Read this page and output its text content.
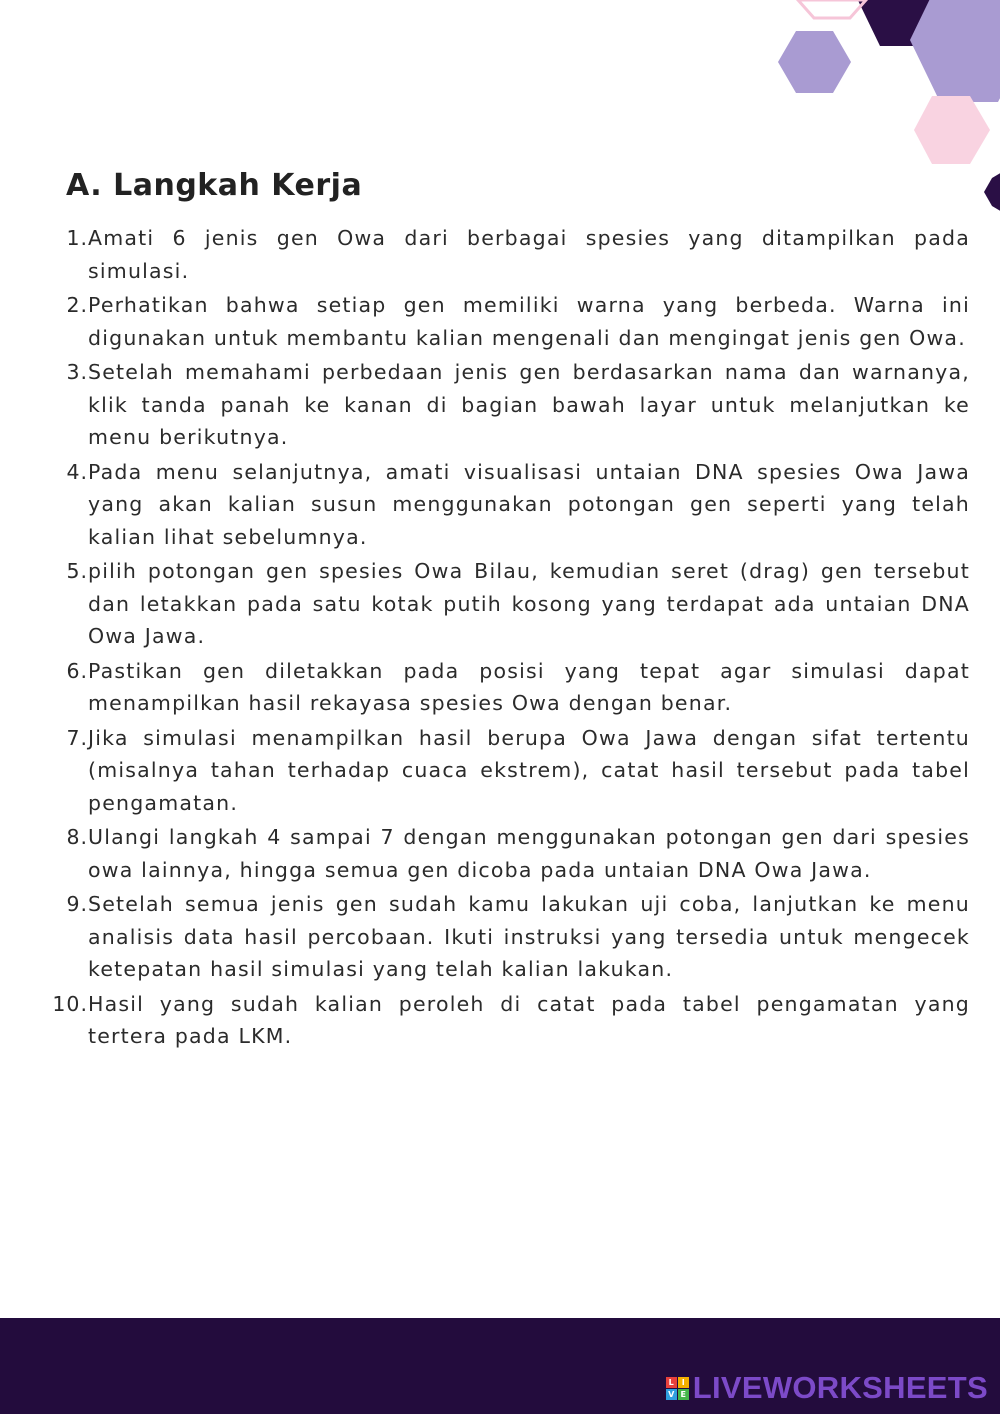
A. Langkah Kerja
1. Amati 6 jenis gen Owa dari berbagai spesies yang ditampilkan pada simulasi.
2. Perhatikan bahwa setiap gen memiliki warna yang berbeda. Warna ini digunakan untuk membantu kalian mengenali dan mengingat jenis gen Owa.
3. Setelah memahami perbedaan jenis gen berdasarkan nama dan warnanya, klik tanda panah ke kanan di bagian bawah layar untuk melanjutkan ke menu berikutnya.
4. Pada menu selanjutnya, amati visualisasi untaian DNA spesies Owa Jawa yang akan kalian susun menggunakan potongan gen seperti yang telah kalian lihat sebelumnya.
5. pilih potongan gen spesies Owa Bilau, kemudian seret (drag) gen tersebut dan letakkan pada satu kotak putih kosong yang terdapat ada untaian DNA Owa Jawa.
6. Pastikan gen diletakkan pada posisi yang tepat agar simulasi dapat menampilkan hasil rekayasa spesies Owa dengan benar.
7. Jika simulasi menampilkan hasil berupa Owa Jawa dengan sifat tertentu (misalnya tahan terhadap cuaca ekstrem), catat hasil tersebut pada tabel pengamatan.
8. Ulangi langkah 4 sampai 7 dengan menggunakan potongan gen dari spesies owa lainnya, hingga semua gen dicoba pada untaian DNA Owa Jawa.
9. Setelah semua jenis gen sudah kamu lakukan uji coba, lanjutkan ke menu analisis data hasil percobaan. Ikuti instruksi yang tersedia untuk mengecek ketepatan hasil simulasi yang telah kalian lakukan.
10. Hasil yang sudah kalian peroleh di catat pada tabel pengamatan yang tertera pada LKM.
L I
V E LIVEWORKSHEETS
